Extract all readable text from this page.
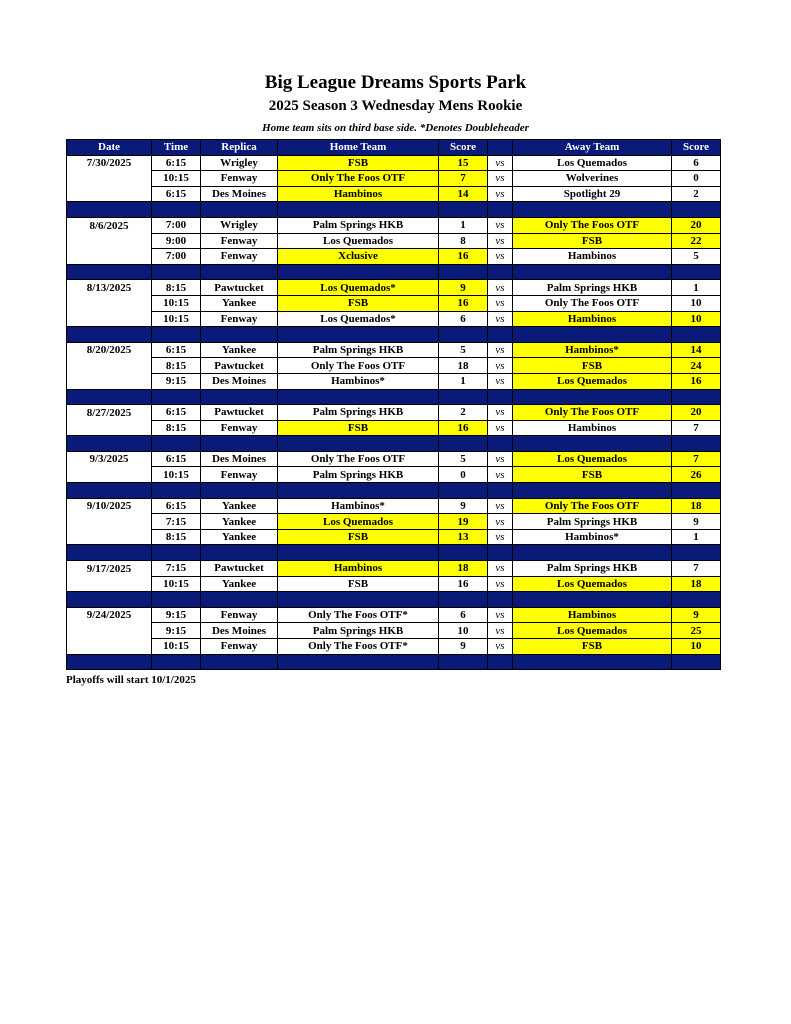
Big League Dreams Sports Park
2025 Season 3 Wednesday Mens Rookie
Home team sits on third base side. *Denotes Doubleheader
Date	Time	Replica	Home Team	Score		Away Team	Score
7/30/2025	6:15	Wrigley	FSB	15	vs	Los Quemados	6
	10:15	Fenway	Only The Foos OTF	7	vs	Wolverines	0
	6:15	Des Moines	Hambinos	14	vs	Spotlight 29	2

8/6/2025	7:00	Wrigley	Palm Springs HKB	1	vs	Only The Foos OTF	20
	9:00	Fenway	Los Quemados	8	vs	FSB	22
	7:00	Fenway	Xclusive	16	vs	Hambinos	5

8/13/2025	8:15	Pawtucket	Los Quemados*	9	vs	Palm Springs HKB	1
	10:15	Yankee	FSB	16	vs	Only The Foos OTF	10
	10:15	Fenway	Los Quemados*	6	vs	Hambinos	10

8/20/2025	6:15	Yankee	Palm Springs HKB	5	vs	Hambinos*	14
	8:15	Pawtucket	Only The Foos OTF	18	vs	FSB	24
	9:15	Des Moines	Hambinos*	1	vs	Los Quemados	16

8/27/2025	6:15	Pawtucket	Palm Springs HKB	2	vs	Only The Foos OTF	20
	8:15	Fenway	FSB	16	vs	Hambinos	7

9/3/2025	6:15	Des Moines	Only The Foos OTF	5	vs	Los Quemados	7
	10:15	Fenway	Palm Springs HKB	0	vs	FSB	26

9/10/2025	6:15	Yankee	Hambinos*	9	vs	Only The Foos OTF	18
	7:15	Yankee	Los Quemados	19	vs	Palm Springs HKB	9
	8:15	Yankee	FSB	13	vs	Hambinos*	1

9/17/2025	7:15	Pawtucket	Hambinos	18	vs	Palm Springs HKB	7
	10:15	Yankee	FSB	16	vs	Los Quemados	18

9/24/2025	9:15	Fenway	Only The Foos OTF*	6	vs	Hambinos	9
	9:15	Des Moines	Palm Springs HKB	10	vs	Los Quemados	25
	10:15	Fenway	Only The Foos OTF*	9	vs	FSB	10

Playoffs will start 10/1/2025
